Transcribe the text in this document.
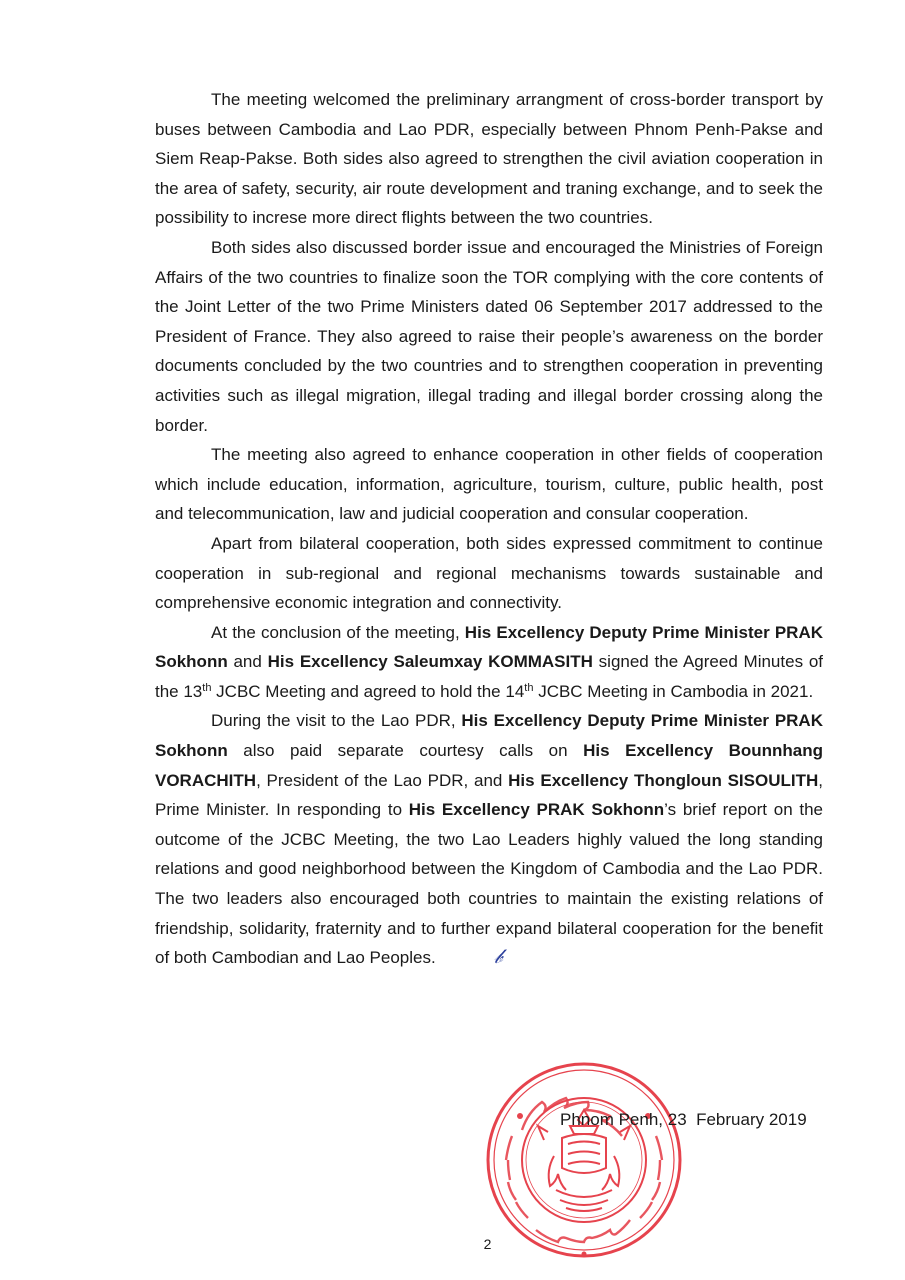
The meeting welcomed the preliminary arrangment of cross-border transport by buses between Cambodia and Lao PDR, especially between Phnom Penh-Pakse and Siem Reap-Pakse. Both sides also agreed to strengthen the civil aviation cooperation in the area of safety, security, air route development and traning exchange, and to seek the possibility to increse more direct flights between the two countries.

Both sides also discussed border issue and encouraged the Ministries of Foreign Affairs of the two countries to finalize soon the TOR complying with the core contents of the Joint Letter of the two Prime Ministers dated 06 September 2017 addressed to the President of France. They also agreed to raise their people’s awareness on the border documents concluded by the two countries and to strengthen cooperation in preventing activities such as illegal migration, illegal trading and illegal border crossing along the border.

The meeting also agreed to enhance cooperation in other fields of cooperation which include education, information, agriculture, tourism, culture, public health, post and telecommunication, law and judicial cooperation and consular cooperation.

Apart from bilateral cooperation, both sides expressed commitment to continue cooperation in sub-regional and regional mechanisms towards sustainable and comprehensive economic integration and connectivity.

At the conclusion of the meeting, His Excellency Deputy Prime Minister PRAK Sokhonn and His Excellency Saleumxay KOMMASITH signed the Agreed Minutes of the 13th JCBC Meeting and agreed to hold the 14th JCBC Meeting in Cambodia in 2021.

During the visit to the Lao PDR, His Excellency Deputy Prime Minister PRAK Sokhonn also paid separate courtesy calls on His Excellency Bounnhang VORACHITH, President of the Lao PDR, and His Excellency Thongloun SISOULITH, Prime Minister. In responding to His Excellency PRAK Sokhonn’s brief report on the outcome of the JCBC Meeting, the two Lao Leaders highly valued the long standing relations and good neighborhood between the Kingdom of Cambodia and the Lao PDR. The two leaders also encouraged both countries to maintain the existing relations of friendship, solidarity, fraternity and to further expand bilateral cooperation for the benefit of both Cambodian and Lao Peoples.	𝒷

Phnom Penh, 23  February 2019
2
